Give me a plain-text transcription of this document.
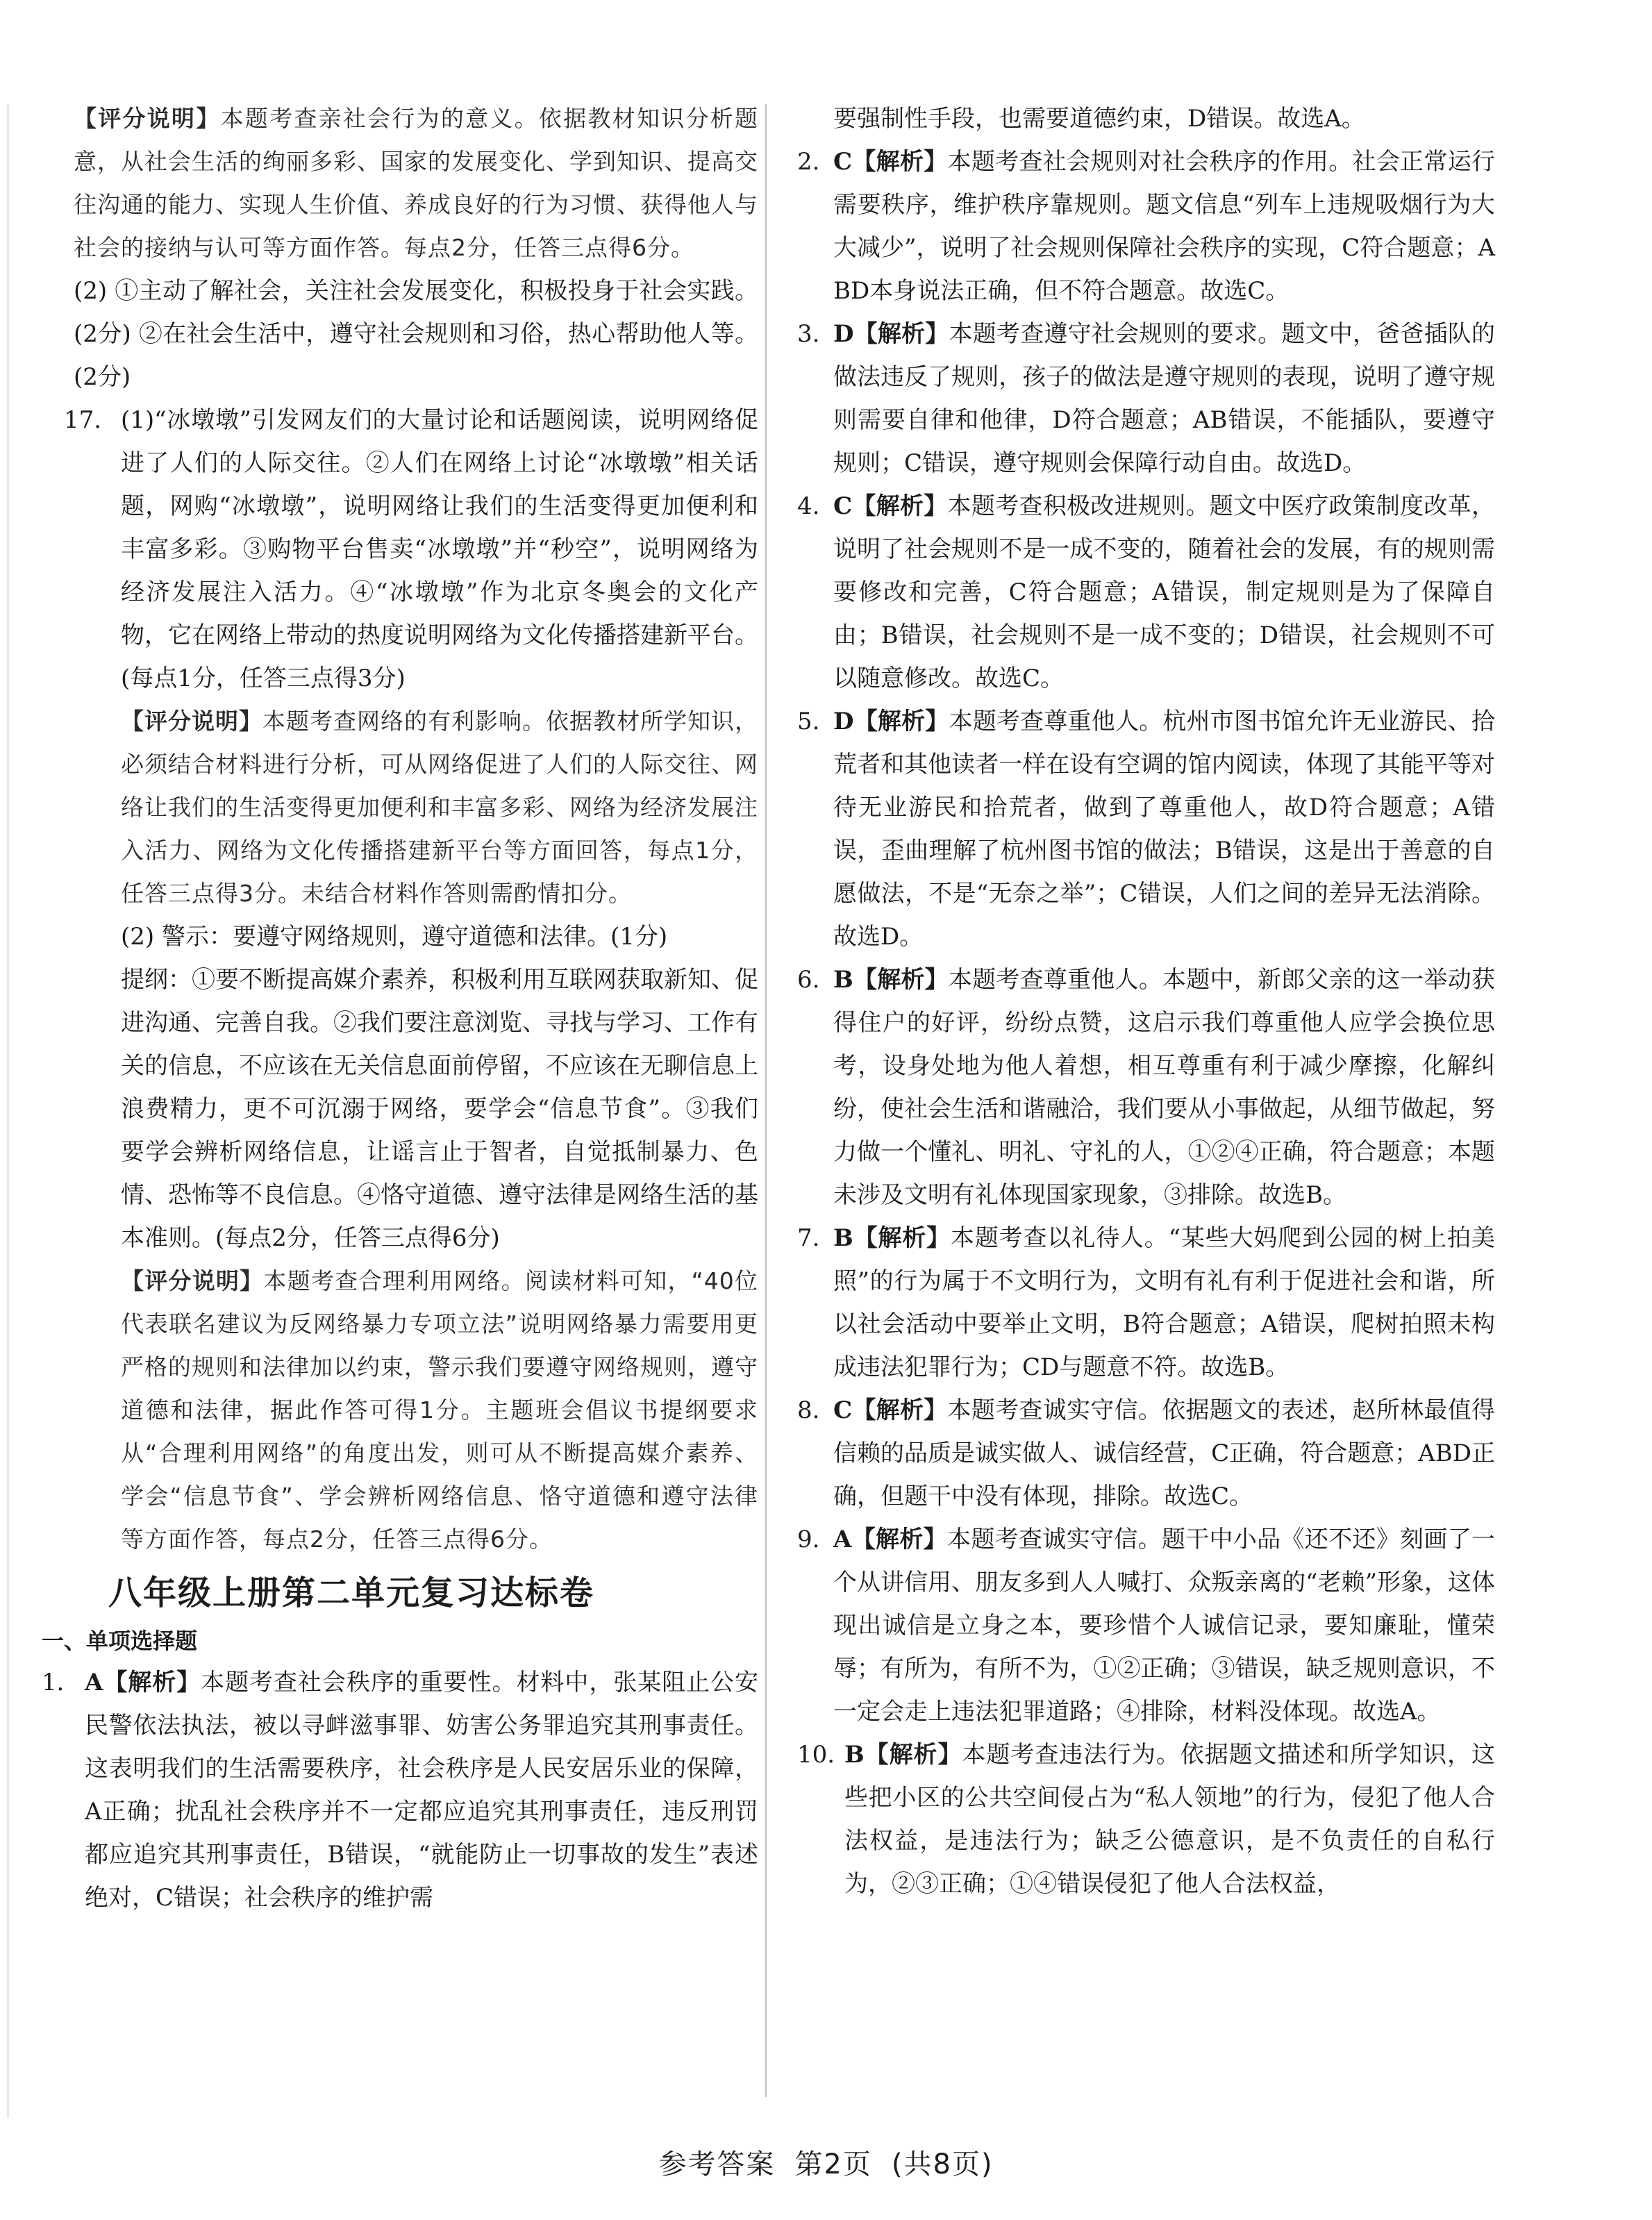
【评分说明】本题考查亲社会行为的意义。依据教材知识分析题意，从社会生活的绚丽多彩、国家的发展变化、学到知识、提高交往沟通的能力、实现人生价值、养成良好的行为习惯、获得他人与社会的接纳与认可等方面作答。每点2分，任答三点得6分。

(2) ①主动了解社会，关注社会发展变化，积极投身于社会实践。(2分) ②在社会生活中，遵守社会规则和习俗，热心帮助他人等。(2分)

17. (1)“冰墩墩”引发网友们的大量讨论和话题阅读，说明网络促进了人们的人际交往。②人们在网络上讨论“冰墩墩”相关话题，网购“冰墩墩”，说明网络让我们的生活变得更加便利和丰富多彩。③购物平台售卖“冰墩墩”并“秒空”，说明网络为经济发展注入活力。④“冰墩墩”作为北京冬奥会的文化产物，它在网络上带动的热度说明网络为文化传播搭建新平台。(每点1分，任答三点得3分)

【评分说明】本题考查网络的有利影响。依据教材所学知识，必须结合材料进行分析，可从网络促进了人们的人际交往、网络让我们的生活变得更加便利和丰富多彩、网络为经济发展注入活力、网络为文化传播搭建新平台等方面回答，每点1分，任答三点得3分。未结合材料作答则需酌情扣分。

(2) 警示：要遵守网络规则，遵守道德和法律。(1分)

提纲：①要不断提高媒介素养，积极利用互联网获取新知、促进沟通、完善自我。②我们要注意浏览、寻找与学习、工作有关的信息，不应该在无关信息面前停留，不应该在无聊信息上浪费精力，更不可沉溺于网络，要学会“信息节食”。③我们要学会辨析网络信息，让谣言止于智者，自觉抵制暴力、色情、恐怖等不良信息。④恪守道德、遵守法律是网络生活的基本准则。(每点2分，任答三点得6分)

【评分说明】本题考查合理利用网络。阅读材料可知，“40位代表联名建议为反网络暴力专项立法”说明网络暴力需要用更严格的规则和法律加以约束，警示我们要遵守网络规则，遵守道德和法律，据此作答可得1分。主题班会倡议书提纲要求从“合理利用网络”的角度出发，则可从不断提高媒介素养、学会“信息节食”、学会辨析网络信息、恪守道德和遵守法律等方面作答，每点2分，任答三点得6分。
八年级上册第二单元复习达标卷
一、单项选择题
1． A【解析】本题考查社会秩序的重要性。材料中，张某阻止公安民警依法执法，被以寻衅滋事罪、妨害公务罪追究其刑事责任。这表明我们的生活需要秩序，社会秩序是人民安居乐业的保障，A正确；扰乱社会秩序并不一定都应追究其刑事责任，违反刑罚都应追究其刑事责任，B错误，“就能防止一切事故的发生”表述绝对，C错误；社会秩序的维护需

要强制性手段，也需要道德约束，D错误。故选A。

2. C【解析】本题考查社会规则对社会秩序的作用。社会正常运行需要秩序，维护秩序靠规则。题文信息“列车上违规吸烟行为大大减少”，说明了社会规则保障社会秩序的实现，C符合题意；ABD本身说法正确，但不符合题意。故选C。

3. D【解析】本题考查遵守社会规则的要求。题文中，爸爸插队的做法违反了规则，孩子的做法是遵守规则的表现，说明了遵守规则需要自律和他律，D符合题意；AB错误，不能插队，要遵守规则；C错误，遵守规则会保障行动自由。故选D。

4. C【解析】本题考查积极改进规则。题文中医疗政策制度改革，说明了社会规则不是一成不变的，随着社会的发展，有的规则需要修改和完善，C符合题意；A错误，制定规则是为了保障自由；B错误，社会规则不是一成不变的；D错误，社会规则不可以随意修改。故选C。

5. D【解析】本题考查尊重他人。杭州市图书馆允许无业游民、拾荒者和其他读者一样在设有空调的馆内阅读，体现了其能平等对待无业游民和拾荒者，做到了尊重他人，故D符合题意；A错误，歪曲理解了杭州图书馆的做法；B错误，这是出于善意的自愿做法，不是“无奈之举”；C错误，人们之间的差异无法消除。故选D。

6. B【解析】本题考查尊重他人。本题中，新郎父亲的这一举动获得住户的好评，纷纷点赞，这启示我们尊重他人应学会换位思考，设身处地为他人着想，相互尊重有利于减少摩擦，化解纠纷，使社会生活和谐融洽，我们要从小事做起，从细节做起，努力做一个懂礼、明礼、守礼的人，①②④正确，符合题意；本题未涉及文明有礼体现国家现象，③排除。故选B。

7. B【解析】本题考查以礼待人。“某些大妈爬到公园的树上拍美照”的行为属于不文明行为，文明有礼有利于促进社会和谐，所以社会活动中要举止文明，B符合题意；A错误，爬树拍照未构成违法犯罪行为；CD与题意不符。故选B。

8. C【解析】本题考查诚实守信。依据题文的表述，赵所林最值得信赖的品质是诚实做人、诚信经营，C正确，符合题意；ABD正确，但题干中没有体现，排除。故选C。

9. A【解析】本题考查诚实守信。题干中小品《还不还》刻画了一个从讲信用、朋友多到人人喊打、众叛亲离的“老赖”形象，这体现出诚信是立身之本，要珍惜个人诚信记录，要知廉耻，懂荣辱；有所为，有所不为，①②正确；③错误，缺乏规则意识，不一定会走上违法犯罪道路；④排除，材料没体现。故选A。

10. B【解析】本题考查违法行为。依据题文描述和所学知识，这些把小区的公共空间侵占为“私人领地”的行为，侵犯了他人合法权益，是违法行为；缺乏公德意识，是不负责任的自私行为，②③正确；①④错误侵犯了他人合法权益，

参考答案 第2页 (共8页)
